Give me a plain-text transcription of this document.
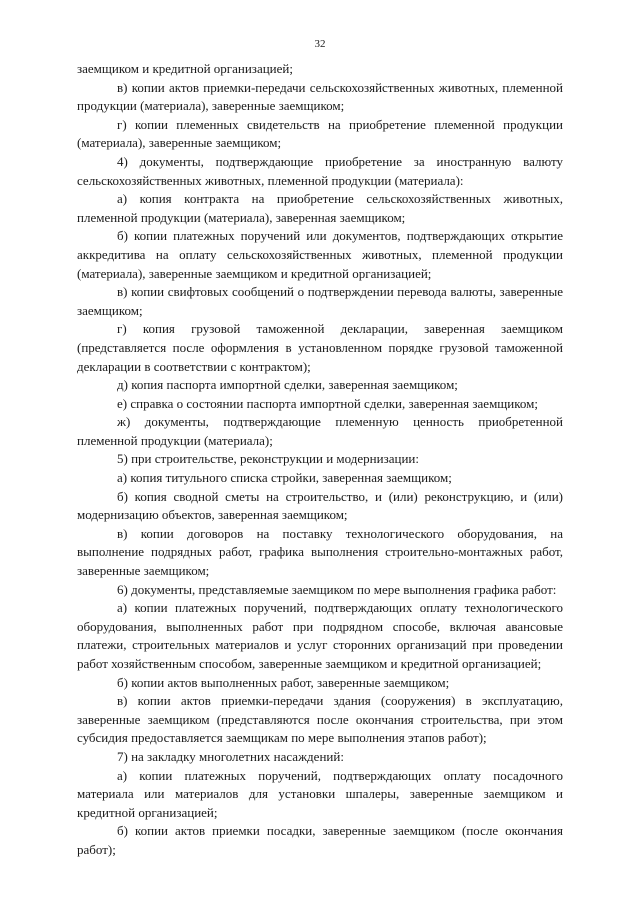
32

заемщиком и кредитной организацией;

в) копии актов приемки-передачи сельскохозяйственных животных, племенной продукции (материала), заверенные заемщиком;

г) копии племенных свидетельств на приобретение племенной продукции (материала), заверенные заемщиком;

4) документы, подтверждающие приобретение за иностранную валюту сельскохозяйственных животных, племенной продукции (материала):

а) копия контракта на приобретение сельскохозяйственных животных, племенной продукции (материала), заверенная заемщиком;

б) копии платежных поручений или документов, подтверждающих открытие аккредитива на оплату сельскохозяйственных животных, племенной продукции (материала), заверенные заемщиком и кредитной организацией;

в) копии свифтовых сообщений о подтверждении перевода валюты, заверенные заемщиком;

г) копия грузовой таможенной декларации, заверенная заемщиком (представляется после оформления в установленном порядке грузовой таможенной декларации в соответствии с контрактом);

д) копия паспорта импортной сделки, заверенная заемщиком;

е) справка о состоянии паспорта импортной сделки, заверенная заемщиком;

ж) документы, подтверждающие племенную ценность приобретенной племенной продукции (материала);

5) при строительстве, реконструкции и модернизации:

а) копия титульного списка стройки, заверенная заемщиком;

б) копия сводной сметы на строительство, и (или) реконструкцию, и (или) модернизацию объектов, заверенная заемщиком;

в) копии договоров на поставку технологического оборудования, на выполнение подрядных работ, графика выполнения строительно-монтажных работ, заверенные заемщиком;

6) документы, представляемые заемщиком по мере выполнения графика работ:

а) копии платежных поручений, подтверждающих оплату технологического оборудования, выполненных работ при подрядном способе, включая авансовые платежи, строительных материалов и услуг сторонних организаций при проведении работ хозяйственным способом, заверенные заемщиком и кредитной организацией;

б) копии актов выполненных работ, заверенные заемщиком;

в) копии актов приемки-передачи здания (сооружения) в эксплуатацию, заверенные заемщиком (представляются после окончания строительства, при этом субсидия предоставляется заемщикам по мере выполнения этапов работ);

7) на закладку многолетних насаждений:

а) копии платежных поручений, подтверждающих оплату посадочного материала или материалов для установки шпалеры, заверенные заемщиком и кредитной организацией;

б) копии актов приемки посадки, заверенные заемщиком (после окончания работ);
